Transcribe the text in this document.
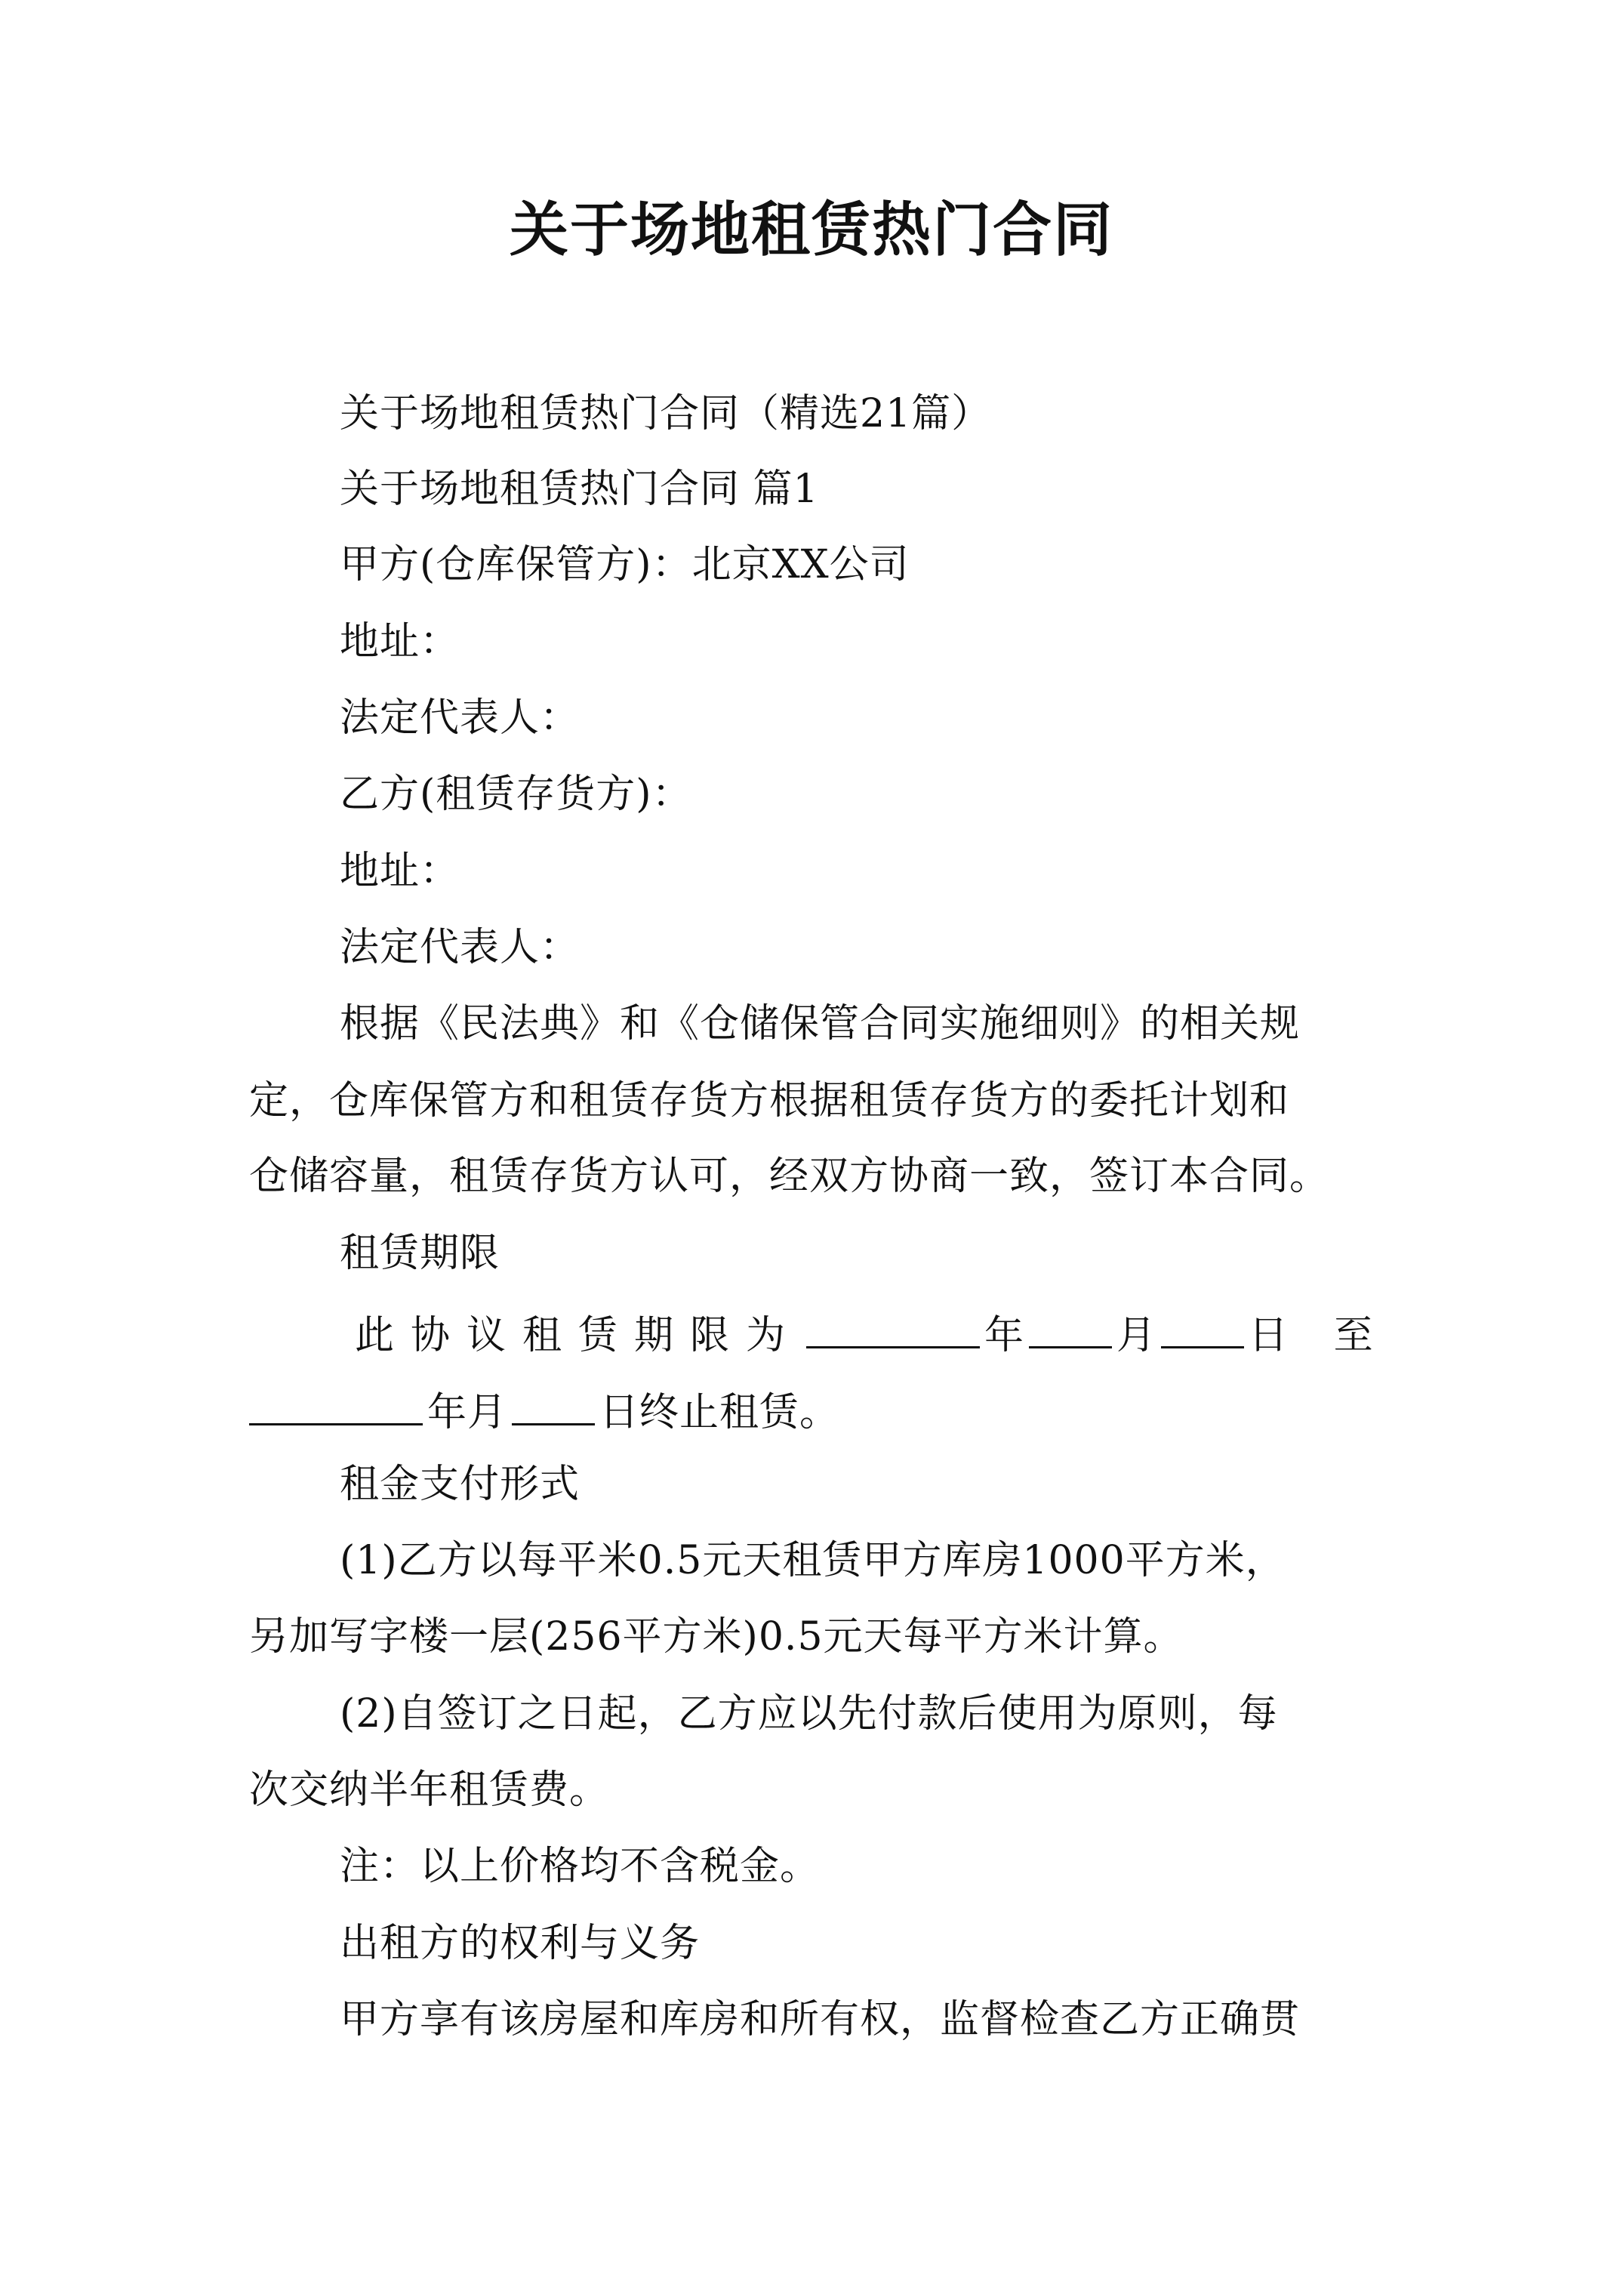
关于场地租赁热门合同
关于场地租赁热门合同（精选21篇）
关于场地租赁热门合同 篇1
甲方(仓库保管方)：北京XX公司
地址：
法定代表人：
乙方(租赁存货方)：
地址：
法定代表人：
根据《民法典》和《仓储保管合同实施细则》的相关规
定，仓库保管方和租赁存货方根据租赁存货方的委托计划和
仓储容量，租赁存货方认可，经双方协商一致，签订本合同。
租赁期限
此协议租赁期限为	年 月 日 至
年月 日终止租赁。
租金支付形式
(1)乙方以每平米0.5元天租赁甲方库房1000平方米，
另加写字楼一层(256平方米)0.5元天每平方米计算。
(2)自签订之日起，乙方应以先付款后使用为原则，每
次交纳半年租赁费。
注：以上价格均不含税金。
出租方的权利与义务
甲方享有该房屋和库房和所有权，监督检查乙方正确贯
